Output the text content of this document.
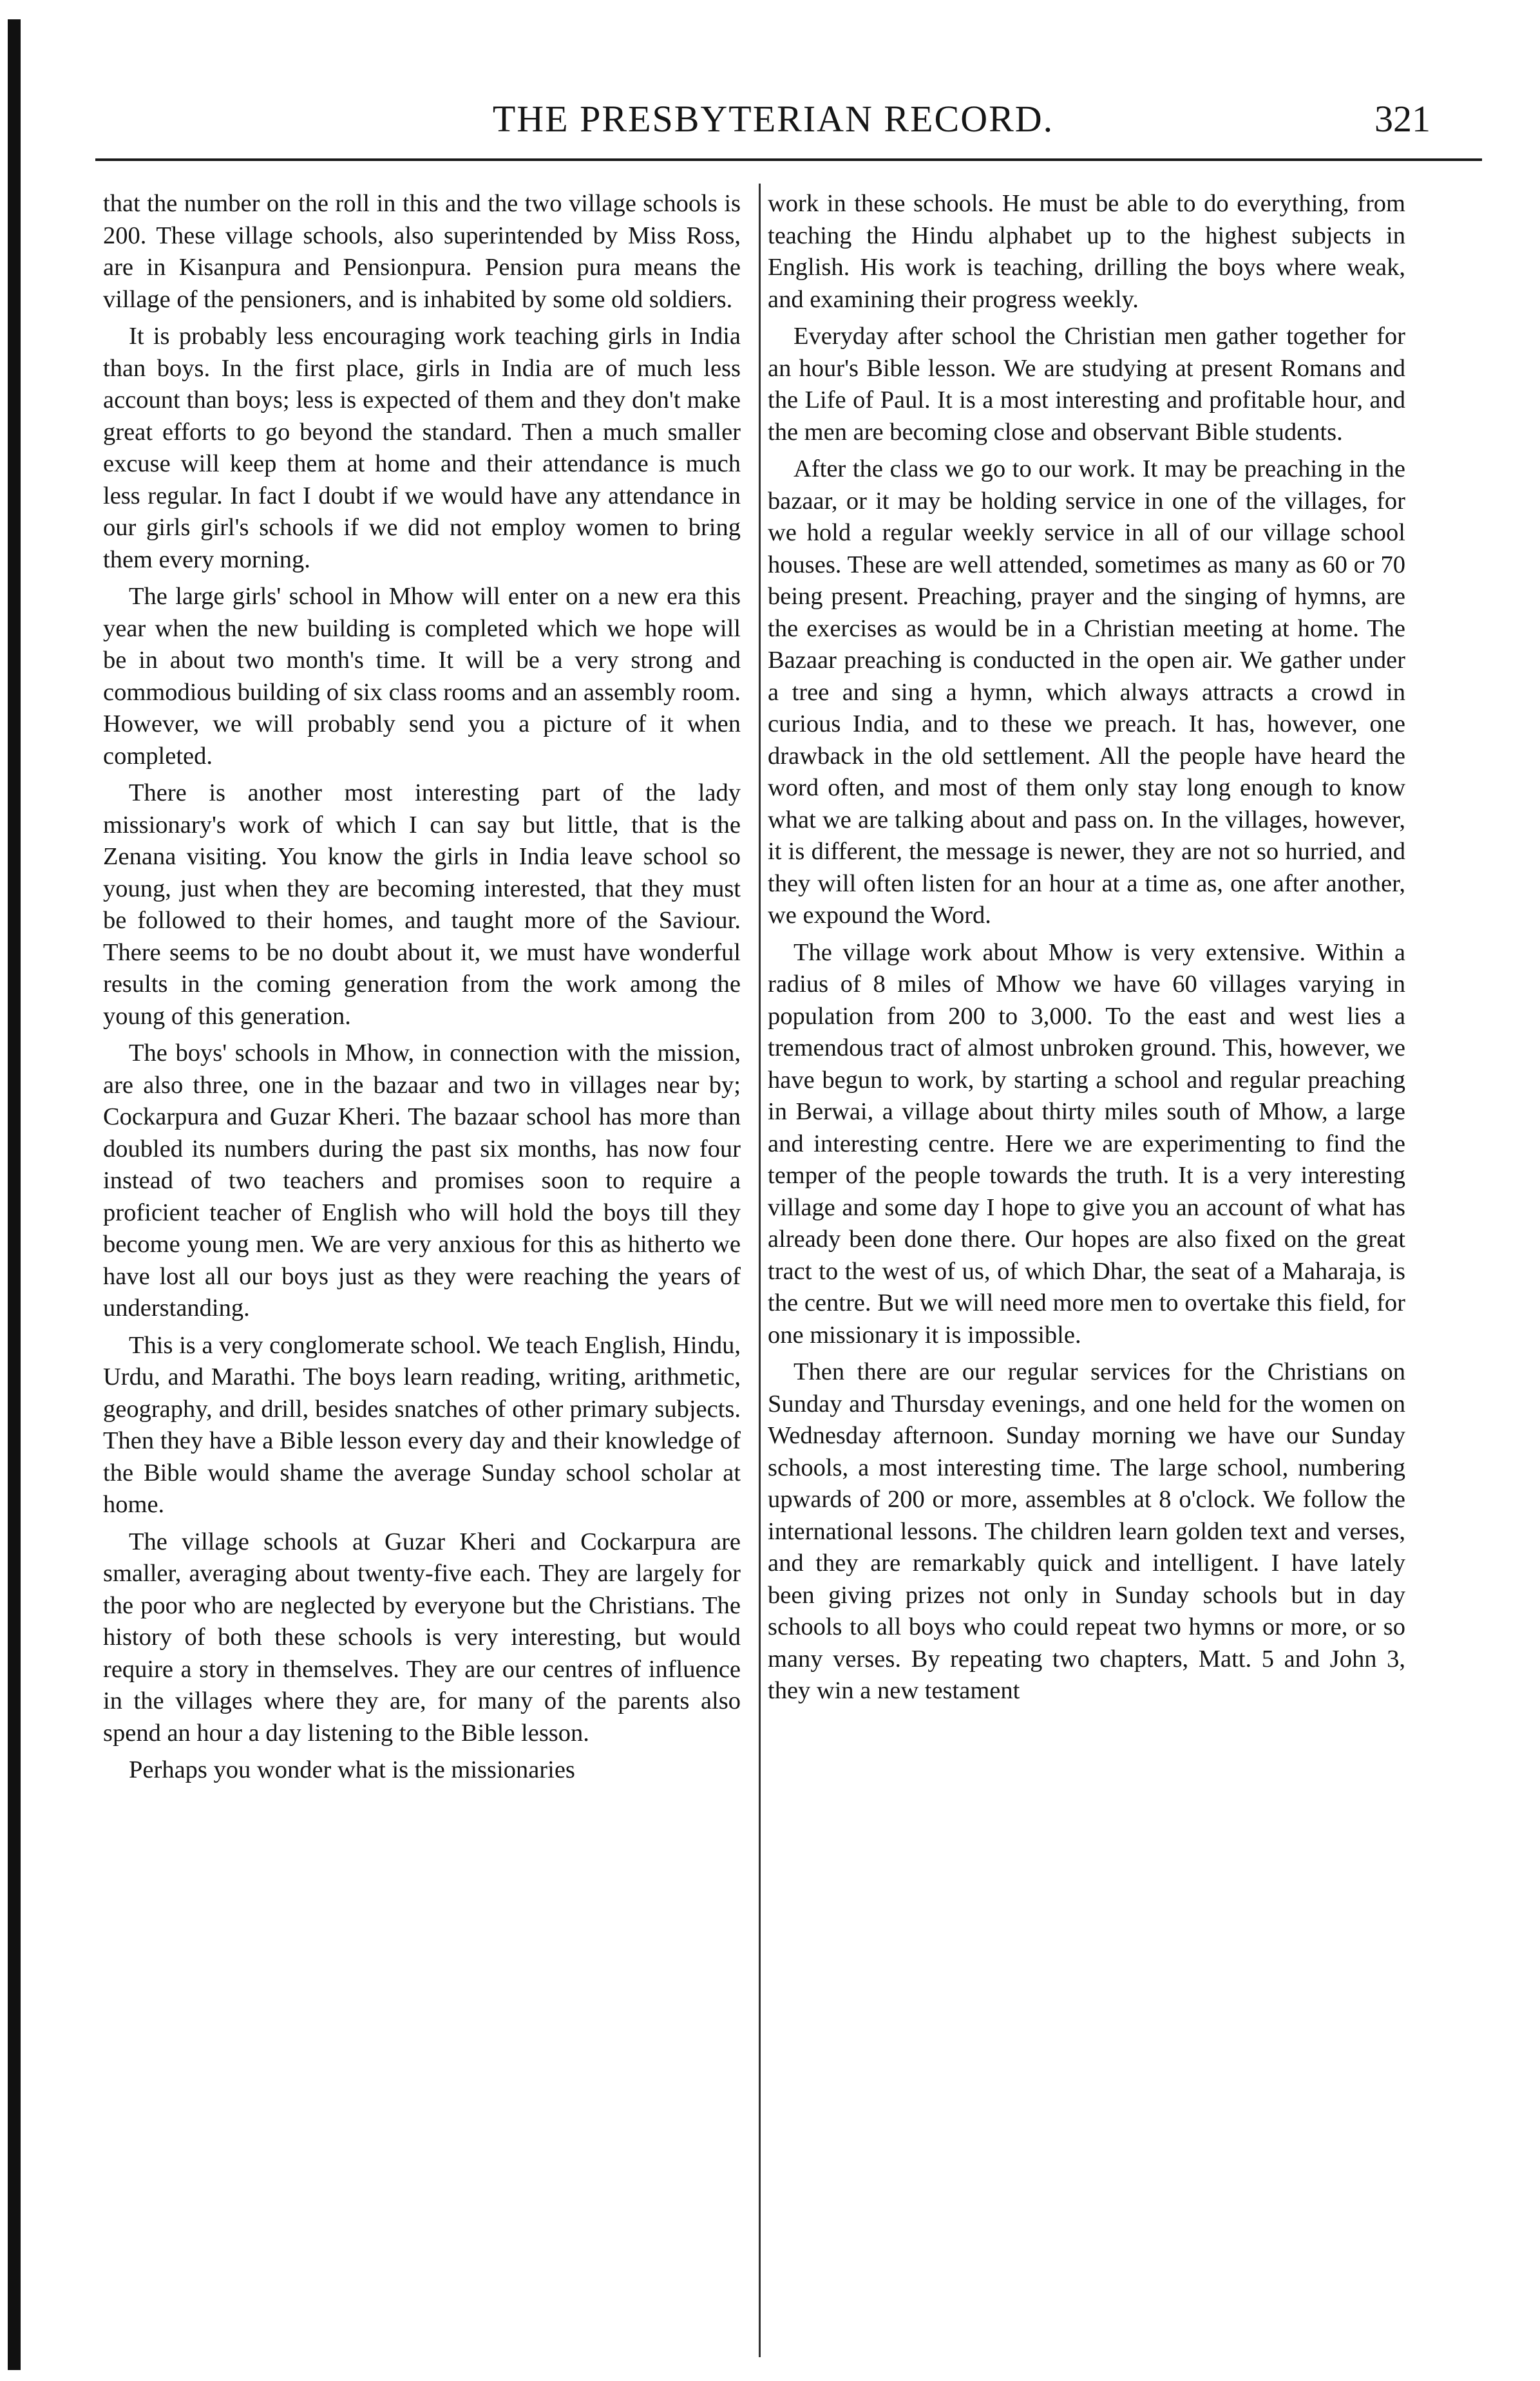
THE PRESBYTERIAN RECORD.	321

that the number on the roll in this and the two village schools is 200. These village schools, also superintended by Miss Ross, are in Kisanpura and Pensionpura. Pension pura means the village of the pensioners, and is inhabited by some old soldiers.

It is probably less encouraging work teaching girls in India than boys. In the first place, girls in India are of much less account than boys; less is expected of them and they don't make great efforts to go beyond the standard. Then a much smaller excuse will keep them at home and their attendance is much less regular. In fact I doubt if we would have any attendance in our girls girl's schools if we did not employ women to bring them every morning.

The large girls' school in Mhow will enter on a new era this year when the new building is completed which we hope will be in about two month's time. It will be a very strong and commodious building of six class rooms and an assembly room. However, we will probably send you a picture of it when completed.

There is another most interesting part of the lady missionary's work of which I can say but little, that is the Zenana visiting. You know the girls in India leave school so young, just when they are becoming interested, that they must be followed to their homes, and taught more of the Saviour. There seems to be no doubt about it, we must have wonderful results in the coming generation from the work among the young of this generation.

The boys' schools in Mhow, in connection with the mission, are also three, one in the bazaar and two in villages near by; Cockarpura and Guzar Kheri. The bazaar school has more than doubled its numbers during the past six months, has now four instead of two teachers and promises soon to require a proficient teacher of English who will hold the boys till they become young men. We are very anxious for this as hitherto we have lost all our boys just as they were reaching the years of understanding.

This is a very conglomerate school. We teach English, Hindu, Urdu, and Marathi. The boys learn reading, writing, arithmetic, geography, and drill, besides snatches of other primary subjects. Then they have a Bible lesson every day and their knowledge of the Bible would shame the average Sunday school scholar at home.

The village schools at Guzar Kheri and Cockarpura are smaller, averaging about twenty-five each. They are largely for the poor who are neglected by everyone but the Christians. The history of both these schools is very interesting, but would require a story in themselves. They are our centres of influence in the villages where they are, for many of the parents also spend an hour a day listening to the Bible lesson.

Perhaps you wonder what is the missionaries

work in these schools. He must be able to do everything, from teaching the Hindu alphabet up to the highest subjects in English. His work is teaching, drilling the boys where weak, and examining their progress weekly.

Everyday after school the Christian men gather together for an hour's Bible lesson. We are studying at present Romans and the Life of Paul. It is a most interesting and profitable hour, and the men are becoming close and observant Bible students.

After the class we go to our work. It may be preaching in the bazaar, or it may be holding service in one of the villages, for we hold a regular weekly service in all of our village school houses. These are well attended, sometimes as many as 60 or 70 being present. Preaching, prayer and the singing of hymns, are the exercises as would be in a Christian meeting at home. The Bazaar preaching is conducted in the open air. We gather under a tree and sing a hymn, which always attracts a crowd in curious India, and to these we preach. It has, however, one drawback in the old settlement. All the people have heard the word often, and most of them only stay long enough to know what we are talking about and pass on. In the villages, however, it is different, the message is newer, they are not so hurried, and they will often listen for an hour at a time as, one after another, we expound the Word.

The village work about Mhow is very extensive. Within a radius of 8 miles of Mhow we have 60 villages varying in population from 200 to 3,000. To the east and west lies a tremendous tract of almost unbroken ground. This, however, we have begun to work, by starting a school and regular preaching in Berwai, a village about thirty miles south of Mhow, a large and interesting centre. Here we are experimenting to find the temper of the people towards the truth. It is a very interesting village and some day I hope to give you an account of what has already been done there. Our hopes are also fixed on the great tract to the west of us, of which Dhar, the seat of a Maharaja, is the centre. But we will need more men to overtake this field, for one missionary it is impossible.

Then there are our regular services for the Christians on Sunday and Thursday evenings, and one held for the women on Wednesday afternoon. Sunday morning we have our Sunday schools, a most interesting time. The large school, numbering upwards of 200 or more, assembles at 8 o'clock. We follow the international lessons. The children learn golden text and verses, and they are remarkably quick and intelligent. I have lately been giving prizes not only in Sunday schools but in day schools to all boys who could repeat two hymns or more, or so many verses. By repeating two chapters, Matt. 5 and John 3, they win a new testament
